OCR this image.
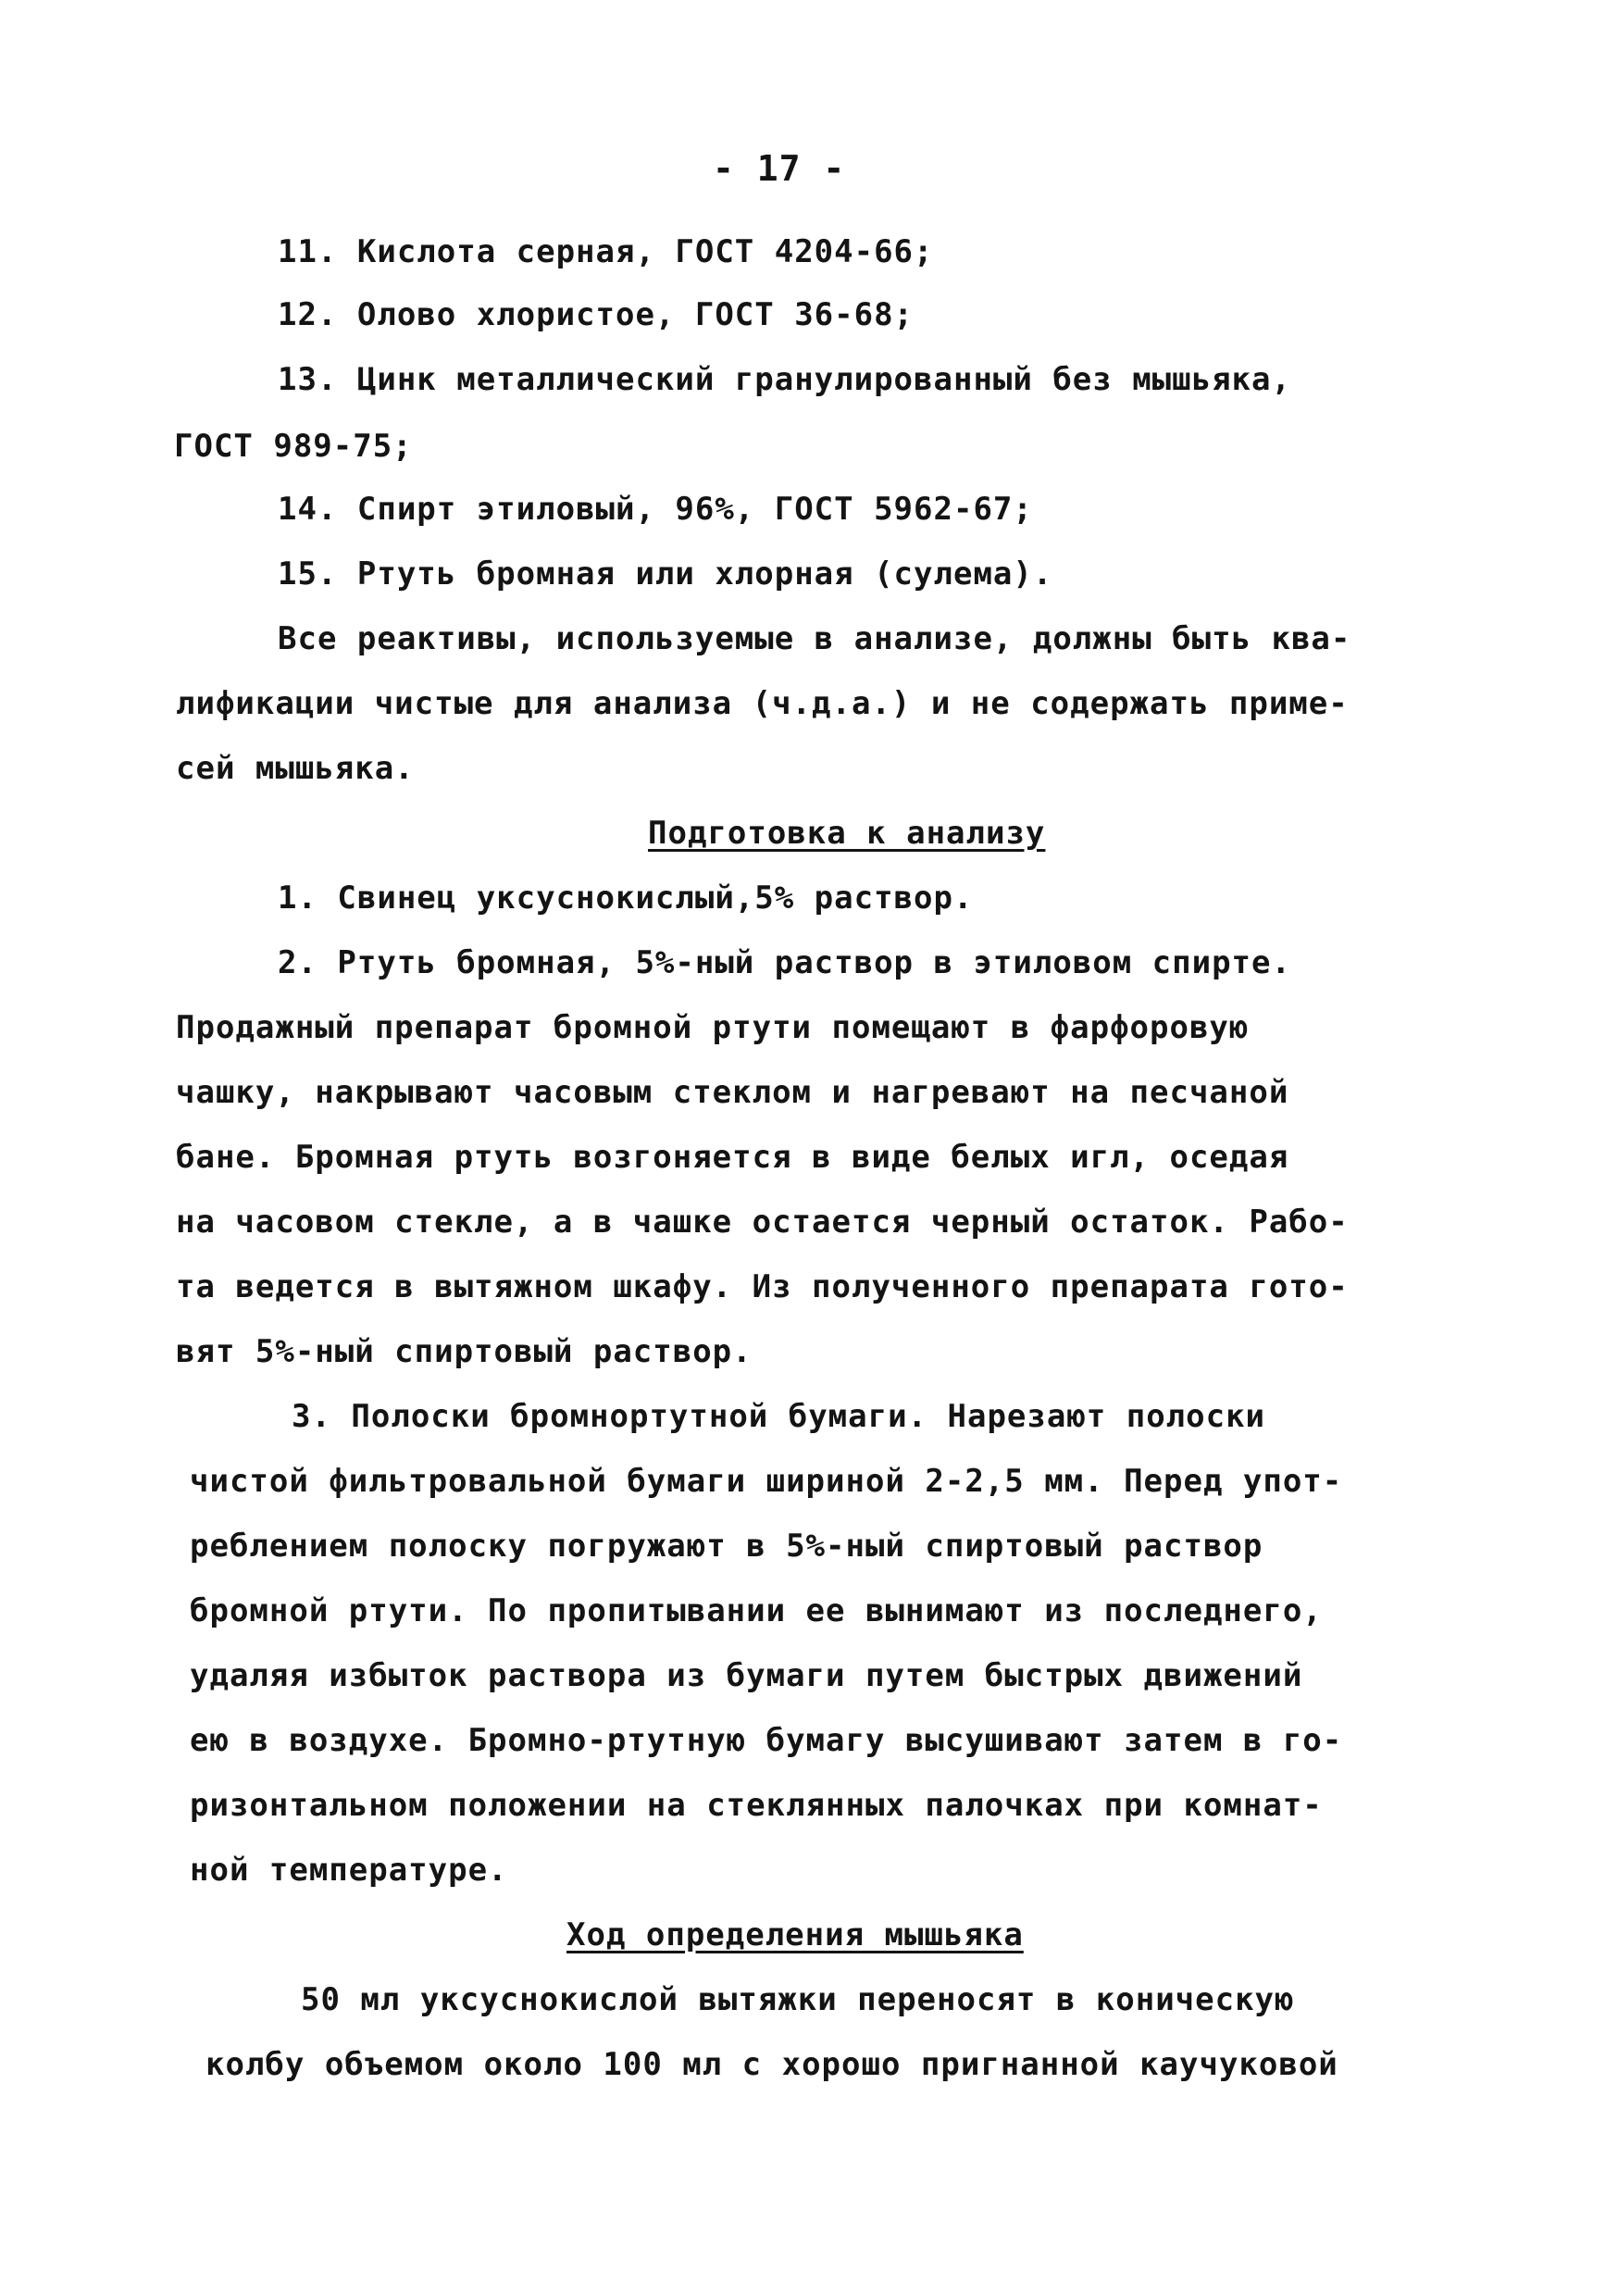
- 17 -
11. Кислота серная, ГОСТ 4204-66;
12. Олово хлористое, ГОСТ 36-68;
13. Цинк металлический гранулированный без мышьяка,
ГОСТ 989-75;
14. Спирт этиловый, 96%, ГОСТ 5962-67;
15. Ртуть бромная или хлорная (сулема).
Все реактивы, используемые в анализе, должны быть ква-
лификации чистые для анализа (ч.д.а.) и не содержать приме-
сей мышьяка.
Подготовка к анализу
1. Свинец уксуснокислый,5% раствор.
2. Ртуть бромная, 5%-ный раствор в этиловом спирте.
Продажный препарат бромной ртути помещают в фарфоровую
чашку, накрывают часовым стеклом и нагревают на песчаной
бане. Бромная ртуть возгоняется в виде белых игл, оседая
на часовом стекле, а в чашке остается черный остаток. Рабо-
та ведется в вытяжном шкафу. Из полученного препарата гото-
вят 5%-ный спиртовый раствор.
3. Полоски бромнортутной бумаги. Нарезают полоски
чистой фильтровальной бумаги шириной 2-2,5 мм. Перед упот-
реблением полоску погружают в 5%-ный спиртовый раствор
бромной ртути. По пропитывании ее вынимают из последнего,
удаляя избыток раствора из бумаги путем быстрых движений
ею в воздухе. Бромно-ртутную бумагу высушивают затем в го-
ризонтальном положении на стеклянных палочках при комнат-
ной температуре.
Ход определения мышьяка
50 мл уксуснокислой вытяжки переносят в коническую
колбу объемом около 100 мл с хорошо пригнанной каучуковой
